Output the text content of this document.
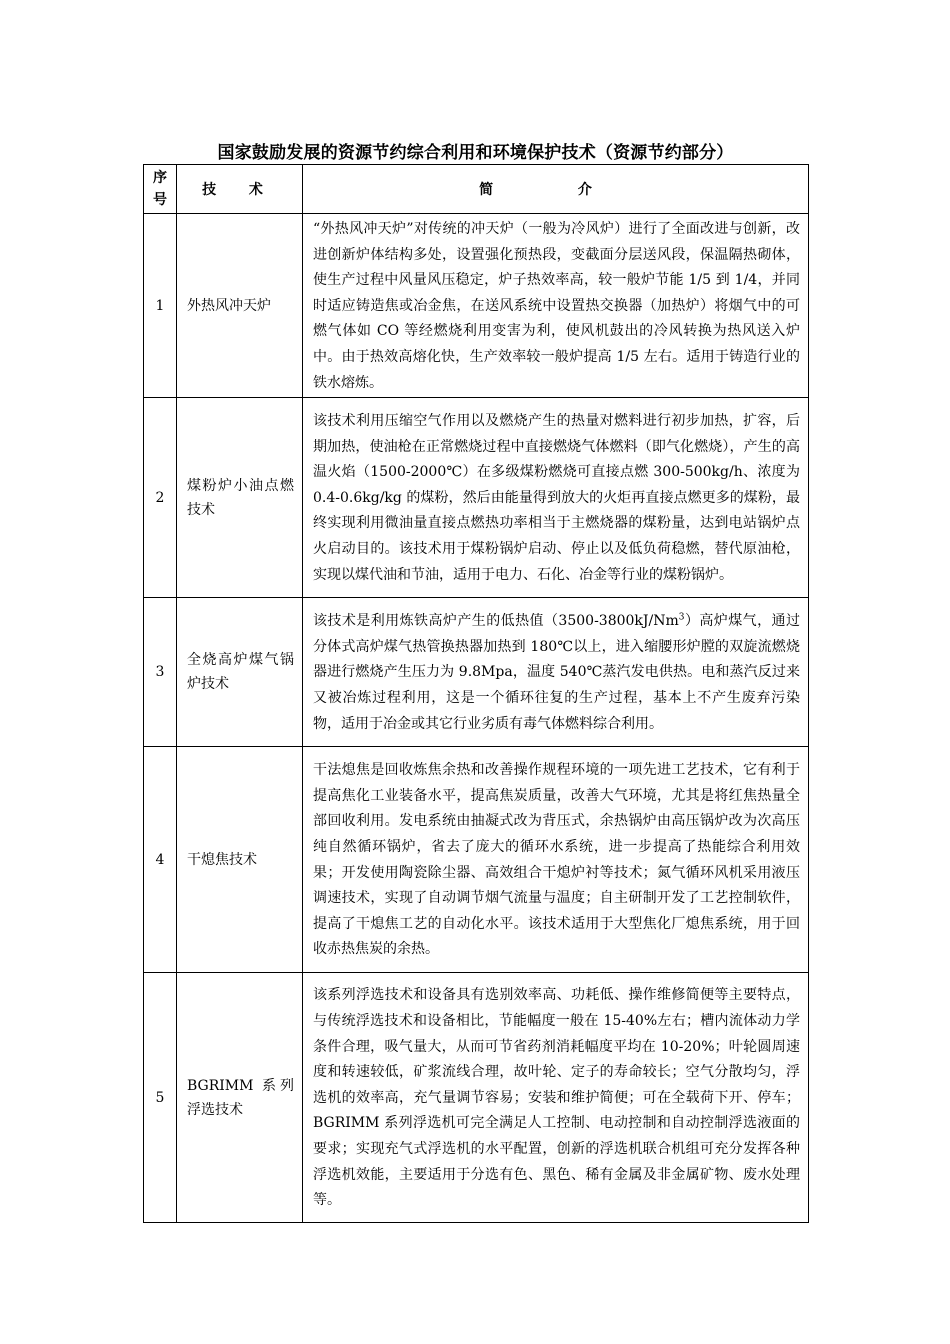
国家鼓励发展的资源节约综合利用和环境保护技术（资源节约部分）
序
号	技 术	简 介
1	外热风冲天炉	“外热风冲天炉”对传统的冲天炉（一般为冷风炉）进行了全面改进与创新，改进创新炉体结构多处，设置强化预热段，变截面分层送风段，保温隔热砌体，使生产过程中风量风压稳定，炉子热效率高，较一般炉节能 1/5 到 1/4，并同时适应铸造焦或冶金焦，在送风系统中设置热交换器（加热炉）将烟气中的可燃气体如 CO 等经燃烧利用变害为利，使风机鼓出的冷风转换为热风送入炉中。由于热效高熔化快，生产效率较一般炉提高 1/5 左右。适用于铸造行业的铁水熔炼。
2	煤粉炉小油点燃技术	该技术利用压缩空气作用以及燃烧产生的热量对燃料进行初步加热，扩容，后期加热，使油枪在正常燃烧过程中直接燃烧气体燃料（即气化燃烧），产生的高温火焰（1500-2000℃）在多级煤粉燃烧可直接点燃 300-500kg/h、浓度为 0.4-0.6kg/kg 的煤粉，然后由能量得到放大的火炬再直接点燃更多的煤粉，最终实现利用微油量直接点燃热功率相当于主燃烧器的煤粉量，达到电站锅炉点火启动目的。该技术用于煤粉锅炉启动、停止以及低负荷稳燃，替代原油枪，实现以煤代油和节油，适用于电力、石化、冶金等行业的煤粉锅炉。
3	全烧高炉煤气锅炉技术	该技术是利用炼铁高炉产生的低热值（3500-3800kJ/Nm$^3$）高炉煤气，通过分体式高炉煤气热管换热器加热到 180℃以上，进入缩腰形炉膛的双旋流燃烧器进行燃烧产生压力为 9.8Mpa，温度 540℃蒸汽发电供热。电和蒸汽反过来又被冶炼过程利用，这是一个循环往复的生产过程，基本上不产生废弃污染物，适用于冶金或其它行业劣质有毒气体燃料综合利用。
4	干熄焦技术	干法熄焦是回收炼焦余热和改善操作规程环境的一项先进工艺技术，它有利于提高焦化工业装备水平，提高焦炭质量，改善大气环境，尤其是将红焦热量全部回收利用。发电系统由抽凝式改为背压式，余热锅炉由高压锅炉改为次高压纯自然循环锅炉，省去了庞大的循环水系统，进一步提高了热能综合利用效果；开发使用陶瓷除尘器、高效组合干熄炉衬等技术；氮气循环风机采用液压调速技术，实现了自动调节烟气流量与温度；自主研制开发了工艺控制软件，提高了干熄焦工艺的自动化水平。该技术适用于大型焦化厂熄焦系统，用于回收赤热焦炭的余热。
5	BGRIMM 系列浮选技术	该系列浮选技术和设备具有选别效率高、功耗低、操作维修简便等主要特点，与传统浮选技术和设备相比，节能幅度一般在 15-40%左右；槽内流体动力学条件合理，吸气量大，从而可节省药剂消耗幅度平均在 10-20%；叶轮圆周速度和转速较低，矿浆流线合理，故叶轮、定子的寿命较长；空气分散均匀，浮选机的效率高，充气量调节容易；安装和维护简便；可在全载荷下开、停车；BGRIMM 系列浮选机可完全满足人工控制、电动控制和自动控制浮选液面的要求；实现充气式浮选机的水平配置，创新的浮选机联合机组可充分发挥各种浮选机效能，主要适用于分选有色、黑色、稀有金属及非金属矿物、废水处理等。
